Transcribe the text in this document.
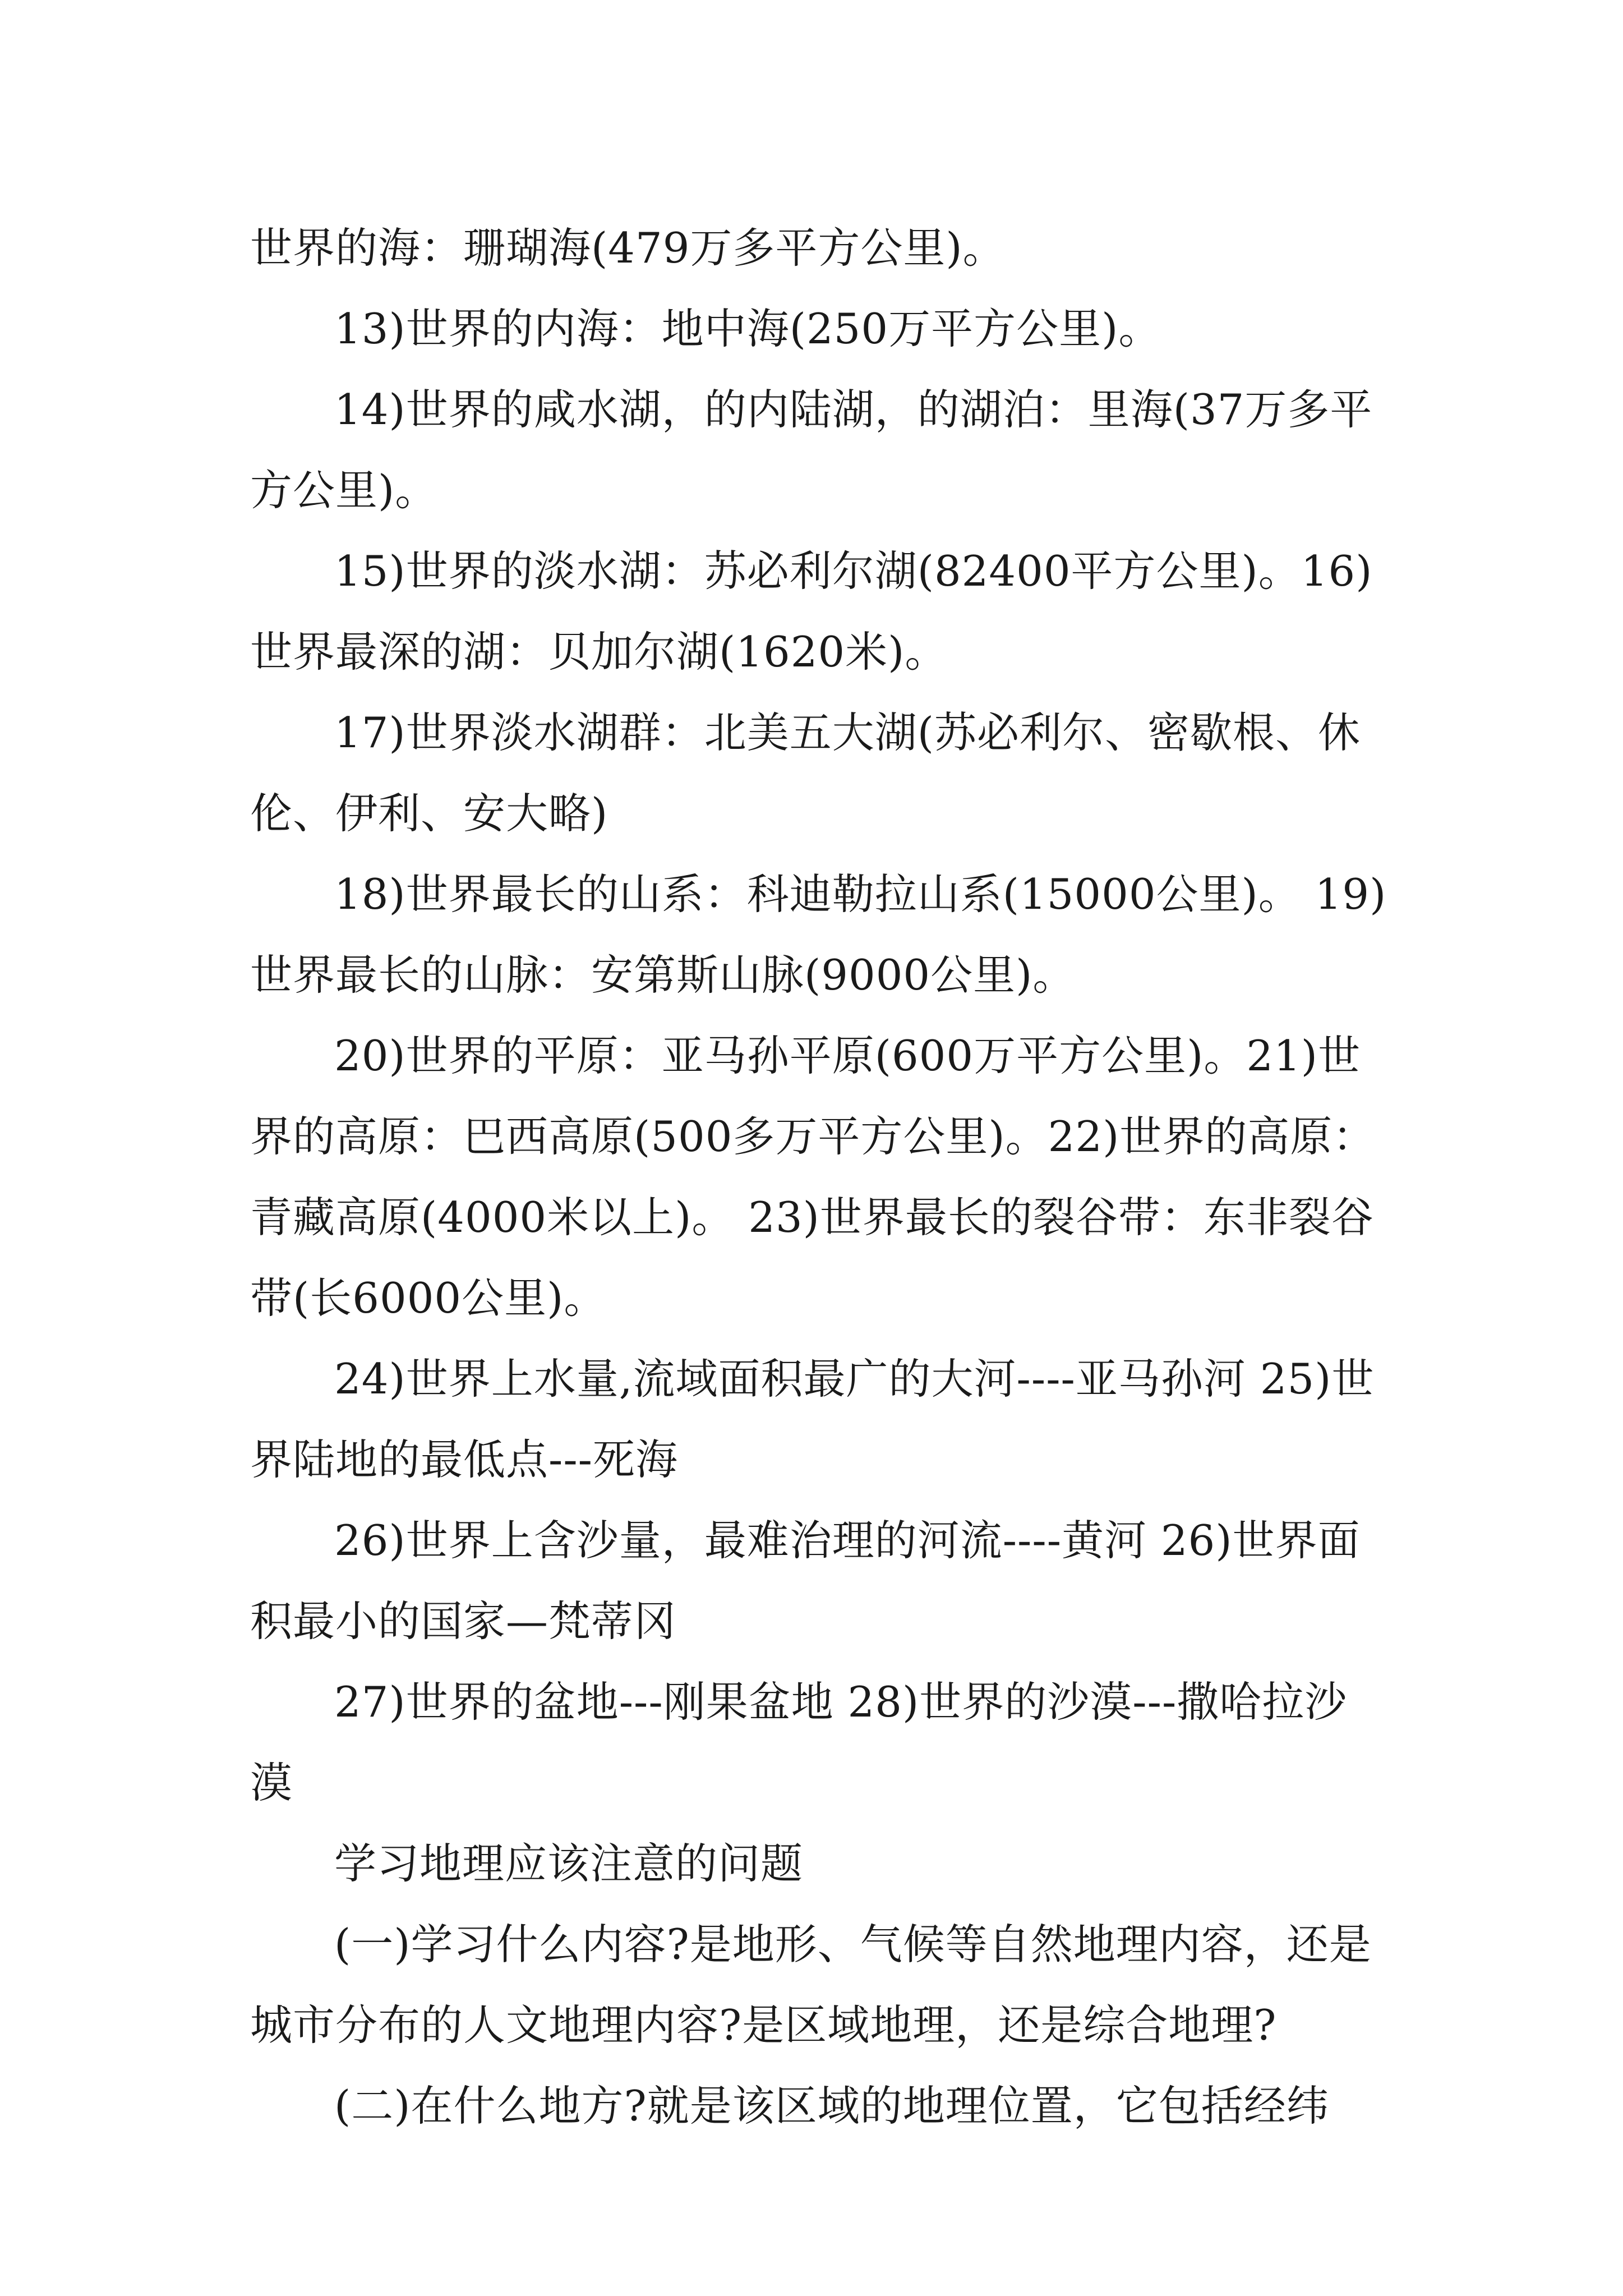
世界的海：珊瑚海(479万多平方公里)。

13)世界的内海：地中海(250万平方公里)。

14)世界的咸水湖，的内陆湖，的湖泊：里海(37万多平方公里)。

15)世界的淡水湖：苏必利尔湖(82400平方公里)。16)世界最深的湖：贝加尔湖(1620米)。

17)世界淡水湖群：北美五大湖(苏必利尔、密歇根、休伦、伊利、安大略)

18)世界最长的山系：科迪勒拉山系(15000公里)。 19)世界最长的山脉：安第斯山脉(9000公里)。

20)世界的平原：亚马孙平原(600万平方公里)。21)世界的高原：巴西高原(500多万平方公里)。22)世界的高原：青藏高原(4000米以上)。 23)世界最长的裂谷带：东非裂谷带(长6000公里)。

24)世界上水量,流域面积最广的大河----亚马孙河 25)世界陆地的最低点---死海

26)世界上含沙量，最难治理的河流----黄河 26)世界面积最小的国家—梵蒂冈

27)世界的盆地---刚果盆地 28)世界的沙漠---撒哈拉沙漠

学习地理应该注意的问题

(一)学习什么内容?是地形、气候等自然地理内容，还是城市分布的人文地理内容?是区域地理，还是综合地理?

(二)在什么地方?就是该区域的地理位置，它包括经纬
